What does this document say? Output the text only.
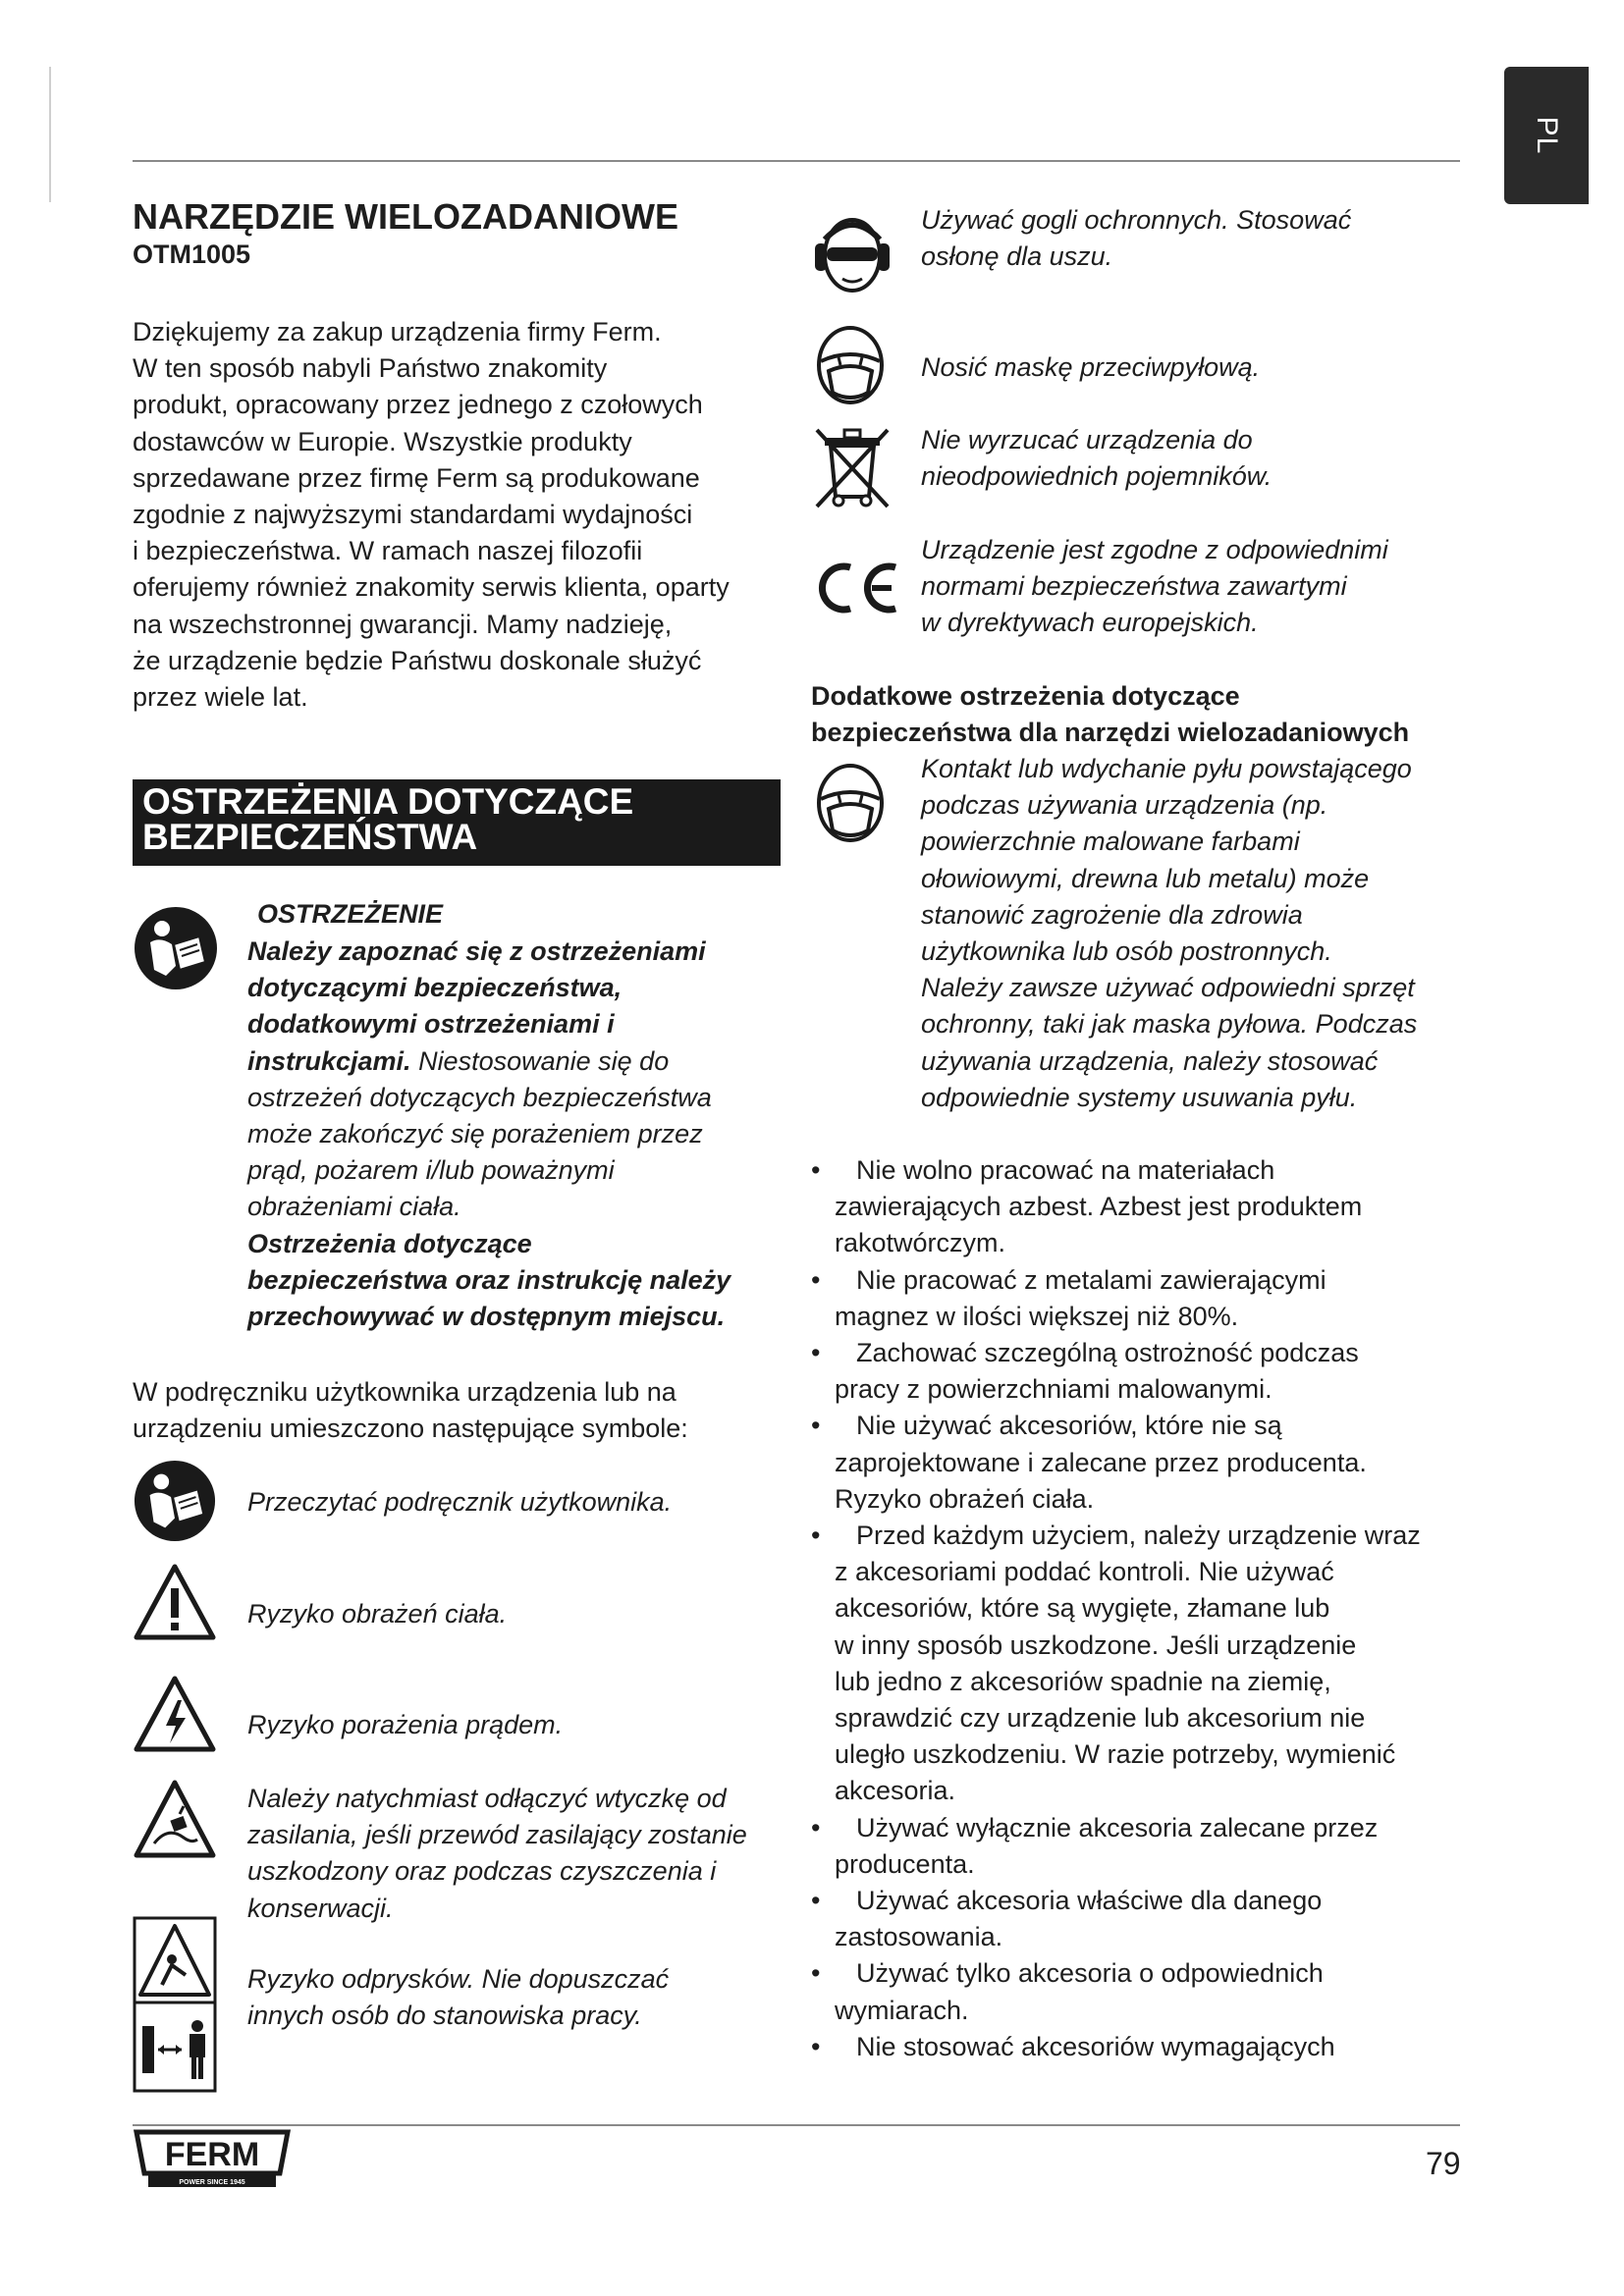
PL
NARZĘDZIE WIELOZADANIOWE
OTM1005
Dziękujemy za zakup urządzenia firmy Ferm.
W ten sposób nabyli Państwo znakomity
produkt, opracowany przez jednego z czołowych
dostawców w Europie. Wszystkie produkty
sprzedawane przez firmę Ferm są produkowane
zgodnie z najwyższymi standardami wydajności
i bezpieczeństwa. W ramach naszej filozofii
oferujemy również znakomity serwis klienta, oparty
na wszechstronnej gwarancji. Mamy nadzieję,
że urządzenie będzie Państwu doskonale służyć
przez wiele lat.
OSTRZEŻENIA DOTYCZĄCE
BEZPIECZEŃSTWA
OSTRZEŻENIE
Należy zapoznać się z ostrzeżeniami
dotyczącymi bezpieczeństwa,
dodatkowymi ostrzeżeniami i
instrukcjami. Niestosowanie się do
ostrzeżeń dotyczących bezpieczeństwa
może zakończyć się porażeniem przez
prąd, pożarem i/lub poważnymi
obrażeniami ciała.
Ostrzeżenia dotyczące
bezpieczeństwa oraz instrukcję należy
przechowywać w dostępnym miejscu.
W podręczniku użytkownika urządzenia lub na
urządzeniu umieszczono następujące symbole:
Przeczytać podręcznik użytkownika.
Ryzyko obrażeń ciała.
Ryzyko porażenia prądem.
Należy natychmiast odłączyć wtyczkę od
zasilania, jeśli przewód zasilający zostanie
uszkodzony oraz podczas czyszczenia i
konserwacji.
Ryzyko odprysków. Nie dopuszczać
innych osób do stanowiska pracy.
Używać gogli ochronnych. Stosować
osłonę dla uszu.
Nosić maskę przeciwpyłową.
Nie wyrzucać urządzenia do
nieodpowiednich pojemników.
Urządzenie jest zgodne z odpowiednimi
normami bezpieczeństwa zawartymi
w dyrektywach europejskich.
Dodatkowe ostrzeżenia dotyczące
bezpieczeństwa dla narzędzi wielozadaniowych
Kontakt lub wdychanie pyłu powstającego
podczas używania urządzenia (np.
powierzchnie malowane farbami
ołowiowymi, drewna lub metalu) może
stanowić zagrożenie dla zdrowia
użytkownika lub osób postronnych.
Należy zawsze używać odpowiedni sprzęt
ochronny, taki jak maska pyłowa. Podczas
używania urządzenia, należy stosować
odpowiednie systemy usuwania pyłu.
• Nie wolno pracować na materiałach
zawierających azbest. Azbest jest produktem
rakotwórczym.
• Nie pracować z metalami zawierającymi
magnez w ilości większej niż 80%.
• Zachować szczególną ostrożność podczas
pracy z powierzchniami malowanymi.
• Nie używać akcesoriów, które nie są
zaprojektowane i zalecane przez producenta.
Ryzyko obrażeń ciała.
• Przed każdym użyciem, należy urządzenie wraz
z akcesoriami poddać kontroli. Nie używać
akcesoriów, które są wygięte, złamane lub
w inny sposób uszkodzone. Jeśli urządzenie
lub jedno z akcesoriów spadnie na ziemię,
sprawdzić czy urządzenie lub akcesorium nie
uległo uszkodzeniu. W razie potrzeby, wymienić
akcesoria.
• Używać wyłącznie akcesoria zalecane przez
producenta.
• Używać akcesoria właściwe dla danego
zastosowania.
• Używać tylko akcesoria o odpowiednich
wymiarach.
• Nie stosować akcesoriów wymagających
FERM
POWER SINCE 1945
79
